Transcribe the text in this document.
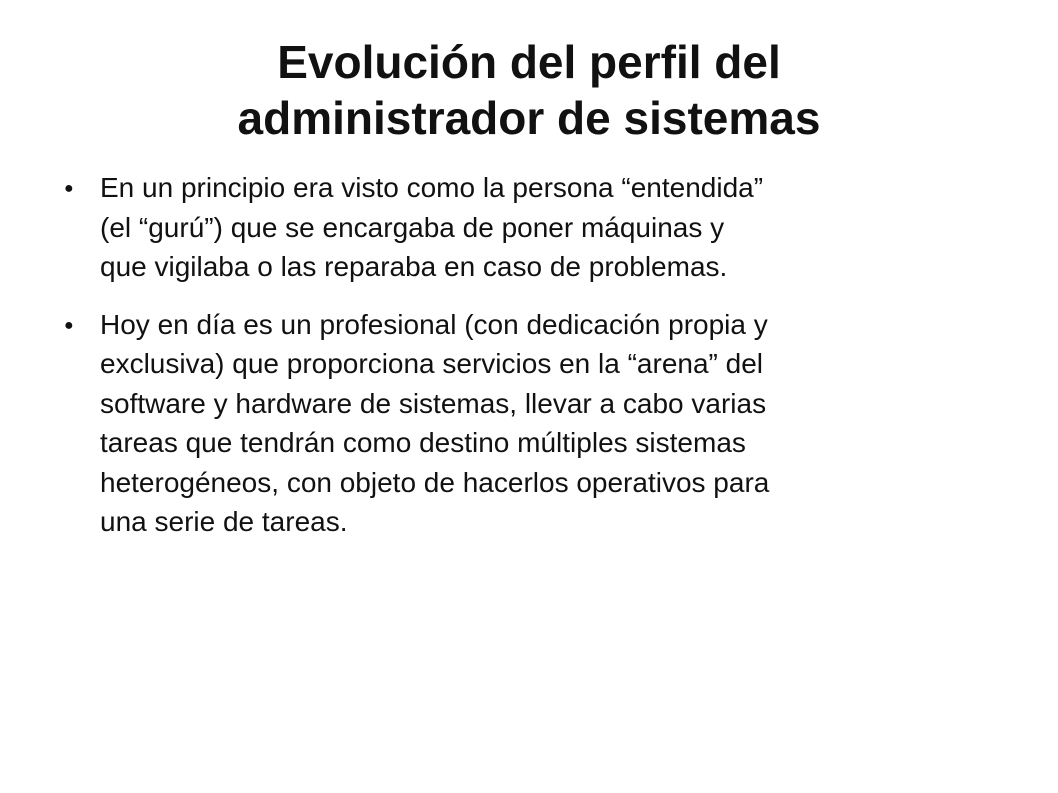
Evolución del perfil del
administrador de sistemas
● En un principio era visto como la persona “entendida”
(el “gurú”) que se encargaba de poner máquinas y
que vigilaba o las reparaba en caso de problemas.
● Hoy en día es un profesional (con dedicación propia y
exclusiva) que proporciona servicios en la “arena” del
software y hardware de sistemas, llevar a cabo varias
tareas que tendrán como destino múltiples sistemas
heterogéneos, con objeto de hacerlos operativos para
una serie de tareas.
